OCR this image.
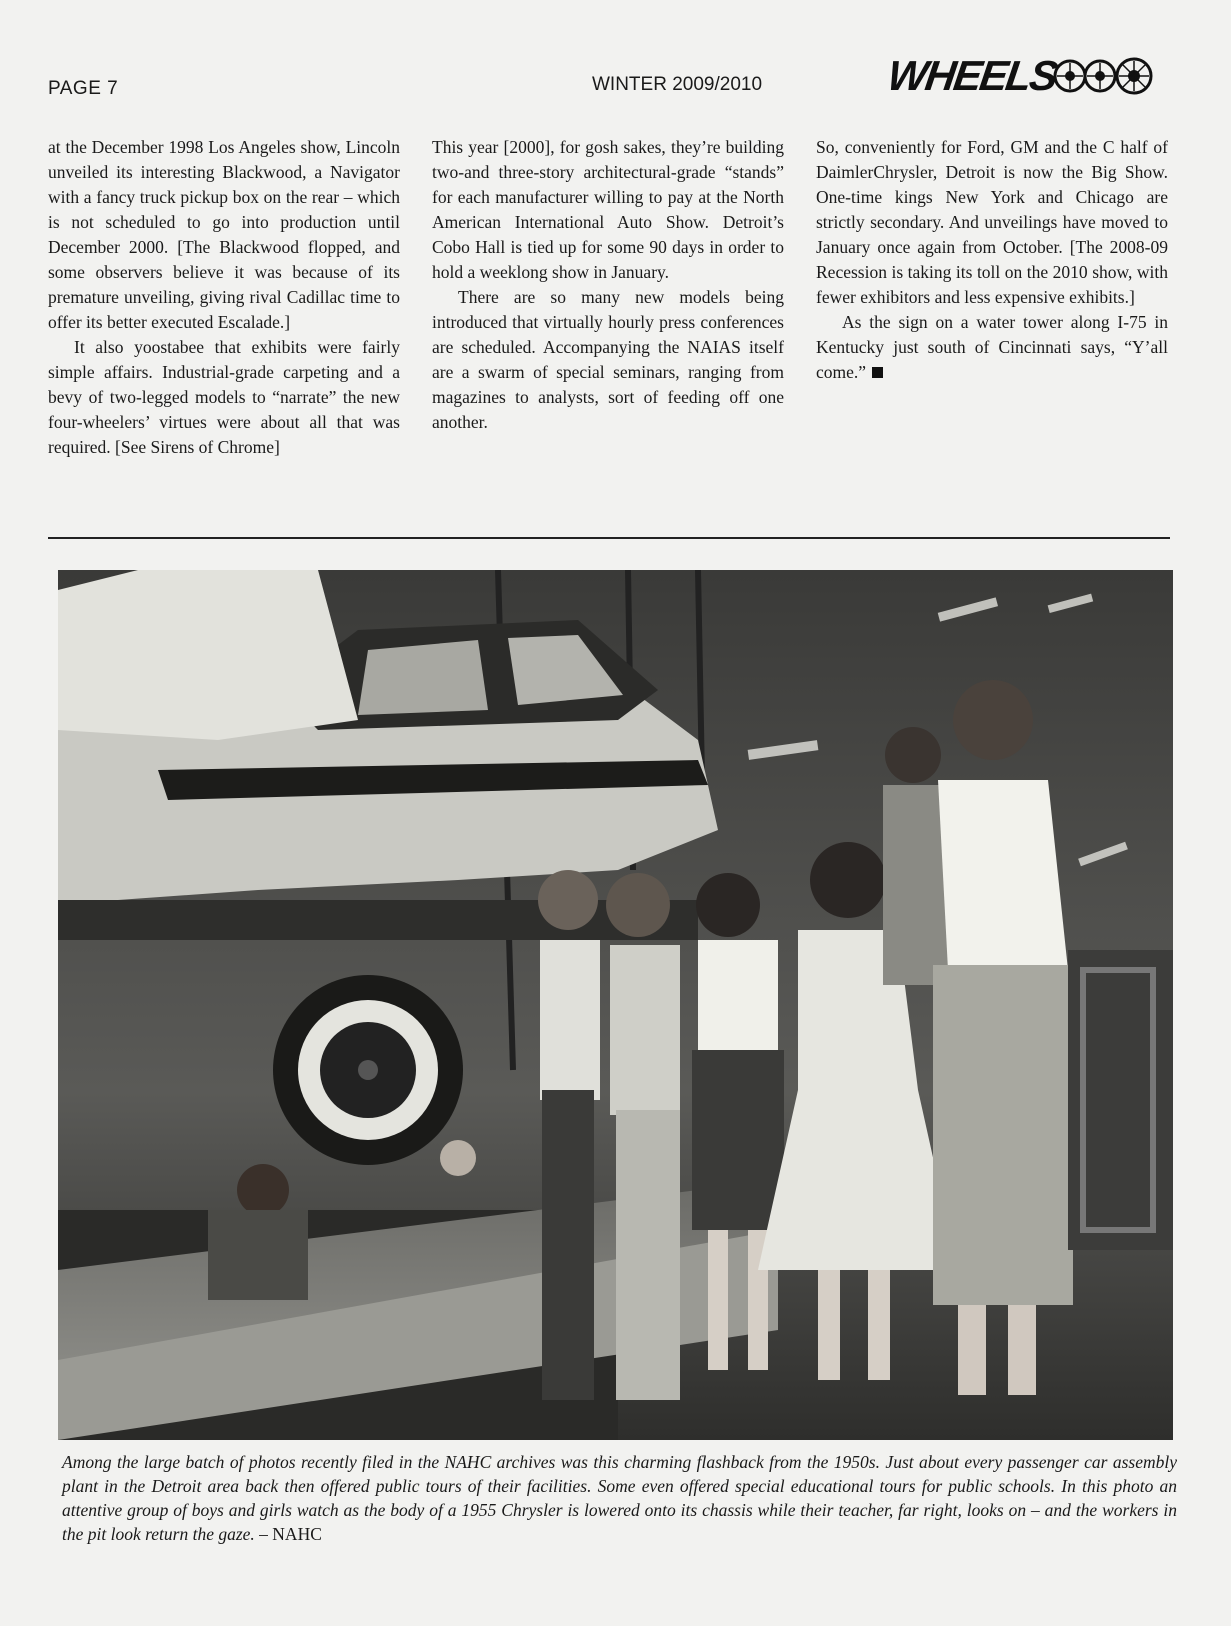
PAGE 7	WINTER 2009/2010	WHEELS

at the December 1998 Los Angeles show, Lincoln unveiled its interesting Blackwood, a Navigator with a fancy truck pickup box on the rear – which is not scheduled to go into production until December 2000. [The Blackwood flopped, and some observers believe it was because of its premature unveiling, giving rival Cadillac time to offer its better executed Escalade.]

It also yoostabee that exhibits were fairly simple affairs. Industrial-grade carpeting and a bevy of two-legged models to “narrate” the new four-wheelers’ virtues were about all that was required. [See Sirens of Chrome]

This year [2000], for gosh sakes, they’re building two-and three-story architectural-grade “stands” for each manufacturer willing to pay at the North American International Auto Show. Detroit’s Cobo Hall is tied up for some 90 days in order to hold a weeklong show in January.

There are so many new models being introduced that virtually hourly press conferences are scheduled. Accompanying the NAIAS itself are a swarm of special seminars, ranging from magazines to analysts, sort of feeding off one another.

So, conveniently for Ford, GM and the C half of DaimlerChrysler, Detroit is now the Big Show. One-time kings New York and Chicago are strictly secondary. And unveilings have moved to January once again from October. [The 2008-09 Recession is taking its toll on the 2010 show, with fewer exhibitors and less expensive exhibits.]

As the sign on a water tower along I-75 in Kentucky just south of Cincinnati says, “Y’all come.”

Among the large batch of photos recently filed in the NAHC archives was this charming flashback from the 1950s. Just about every passenger car assembly plant in the Detroit area back then offered public tours of their facilities. Some even offered special educational tours for public schools. In this photo an attentive group of boys and girls watch as the body of a 1955 Chrysler is lowered onto its chassis while their teacher, far right, looks on – and the workers in the pit look return the gaze. – NAHC
